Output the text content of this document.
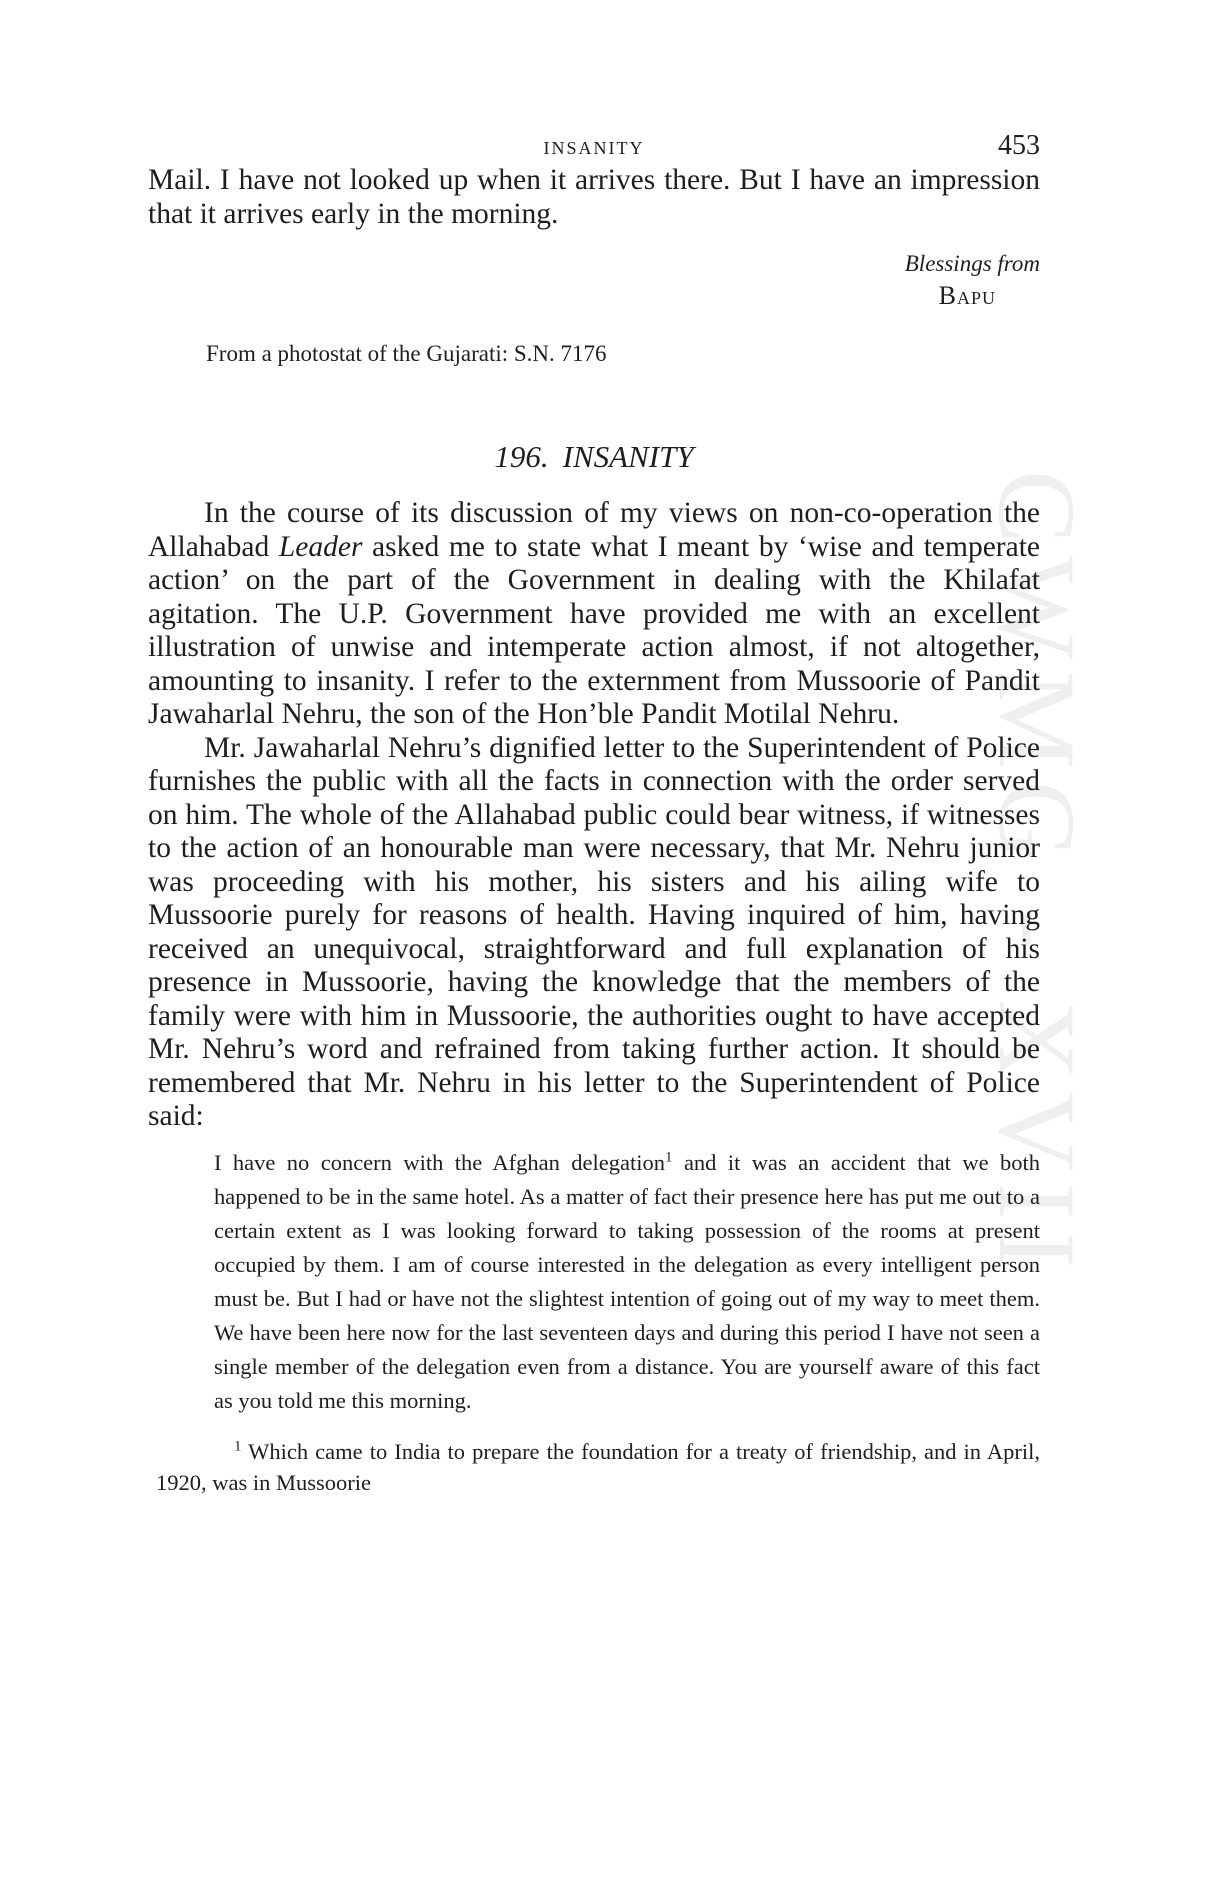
CWMG - XVII
INSANITY	453

Mail. I have not looked up when it arrives there. But I have an impression that it arrives early in the morning.

Blessings from
Bapu

From a photostat of the Gujarati: S.N. 7176

196. INSANITY

In the course of its discussion of my views on non-co-operation the Allahabad Leader asked me to state what I meant by ‘wise and temperate action’ on the part of the Government in dealing with the Khilafat agitation. The U.P. Government have provided me with an excellent illustration of unwise and intemperate action almost, if not altogether, amounting to insanity. I refer to the externment from Mussoorie of Pandit Jawaharlal Nehru, the son of the Hon’ble Pandit Motilal Nehru.

Mr. Jawaharlal Nehru’s dignified letter to the Superintendent of Police furnishes the public with all the facts in connection with the order served on him. The whole of the Allahabad public could bear witness, if witnesses to the action of an honourable man were necessary, that Mr. Nehru junior was proceeding with his mother, his sisters and his ailing wife to Mussoorie purely for reasons of health. Having inquired of him, having received an unequivocal, straightforward and full explanation of his presence in Mussoorie, having the knowledge that the members of the family were with him in Mussoorie, the authorities ought to have accepted Mr. Nehru’s word and refrained from taking further action. It should be remembered that Mr. Nehru in his letter to the Superintendent of Police said:

I have no concern with the Afghan delegation$^1$ and it was an accident that we both happened to be in the same hotel. As a matter of fact their presence here has put me out to a certain extent as I was looking forward to taking possession of the rooms at present occupied by them. I am of course interested in the delegation as every intelligent person must be. But I had or have not the slightest intention of going out of my way to meet them. We have been here now for the last seventeen days and during this period I have not seen a single member of the delegation even from a distance. You are yourself aware of this fact as you told me this morning.

$^1$ Which came to India to prepare the foundation for a treaty of friendship, and in April, 1920, was in Mussoorie
